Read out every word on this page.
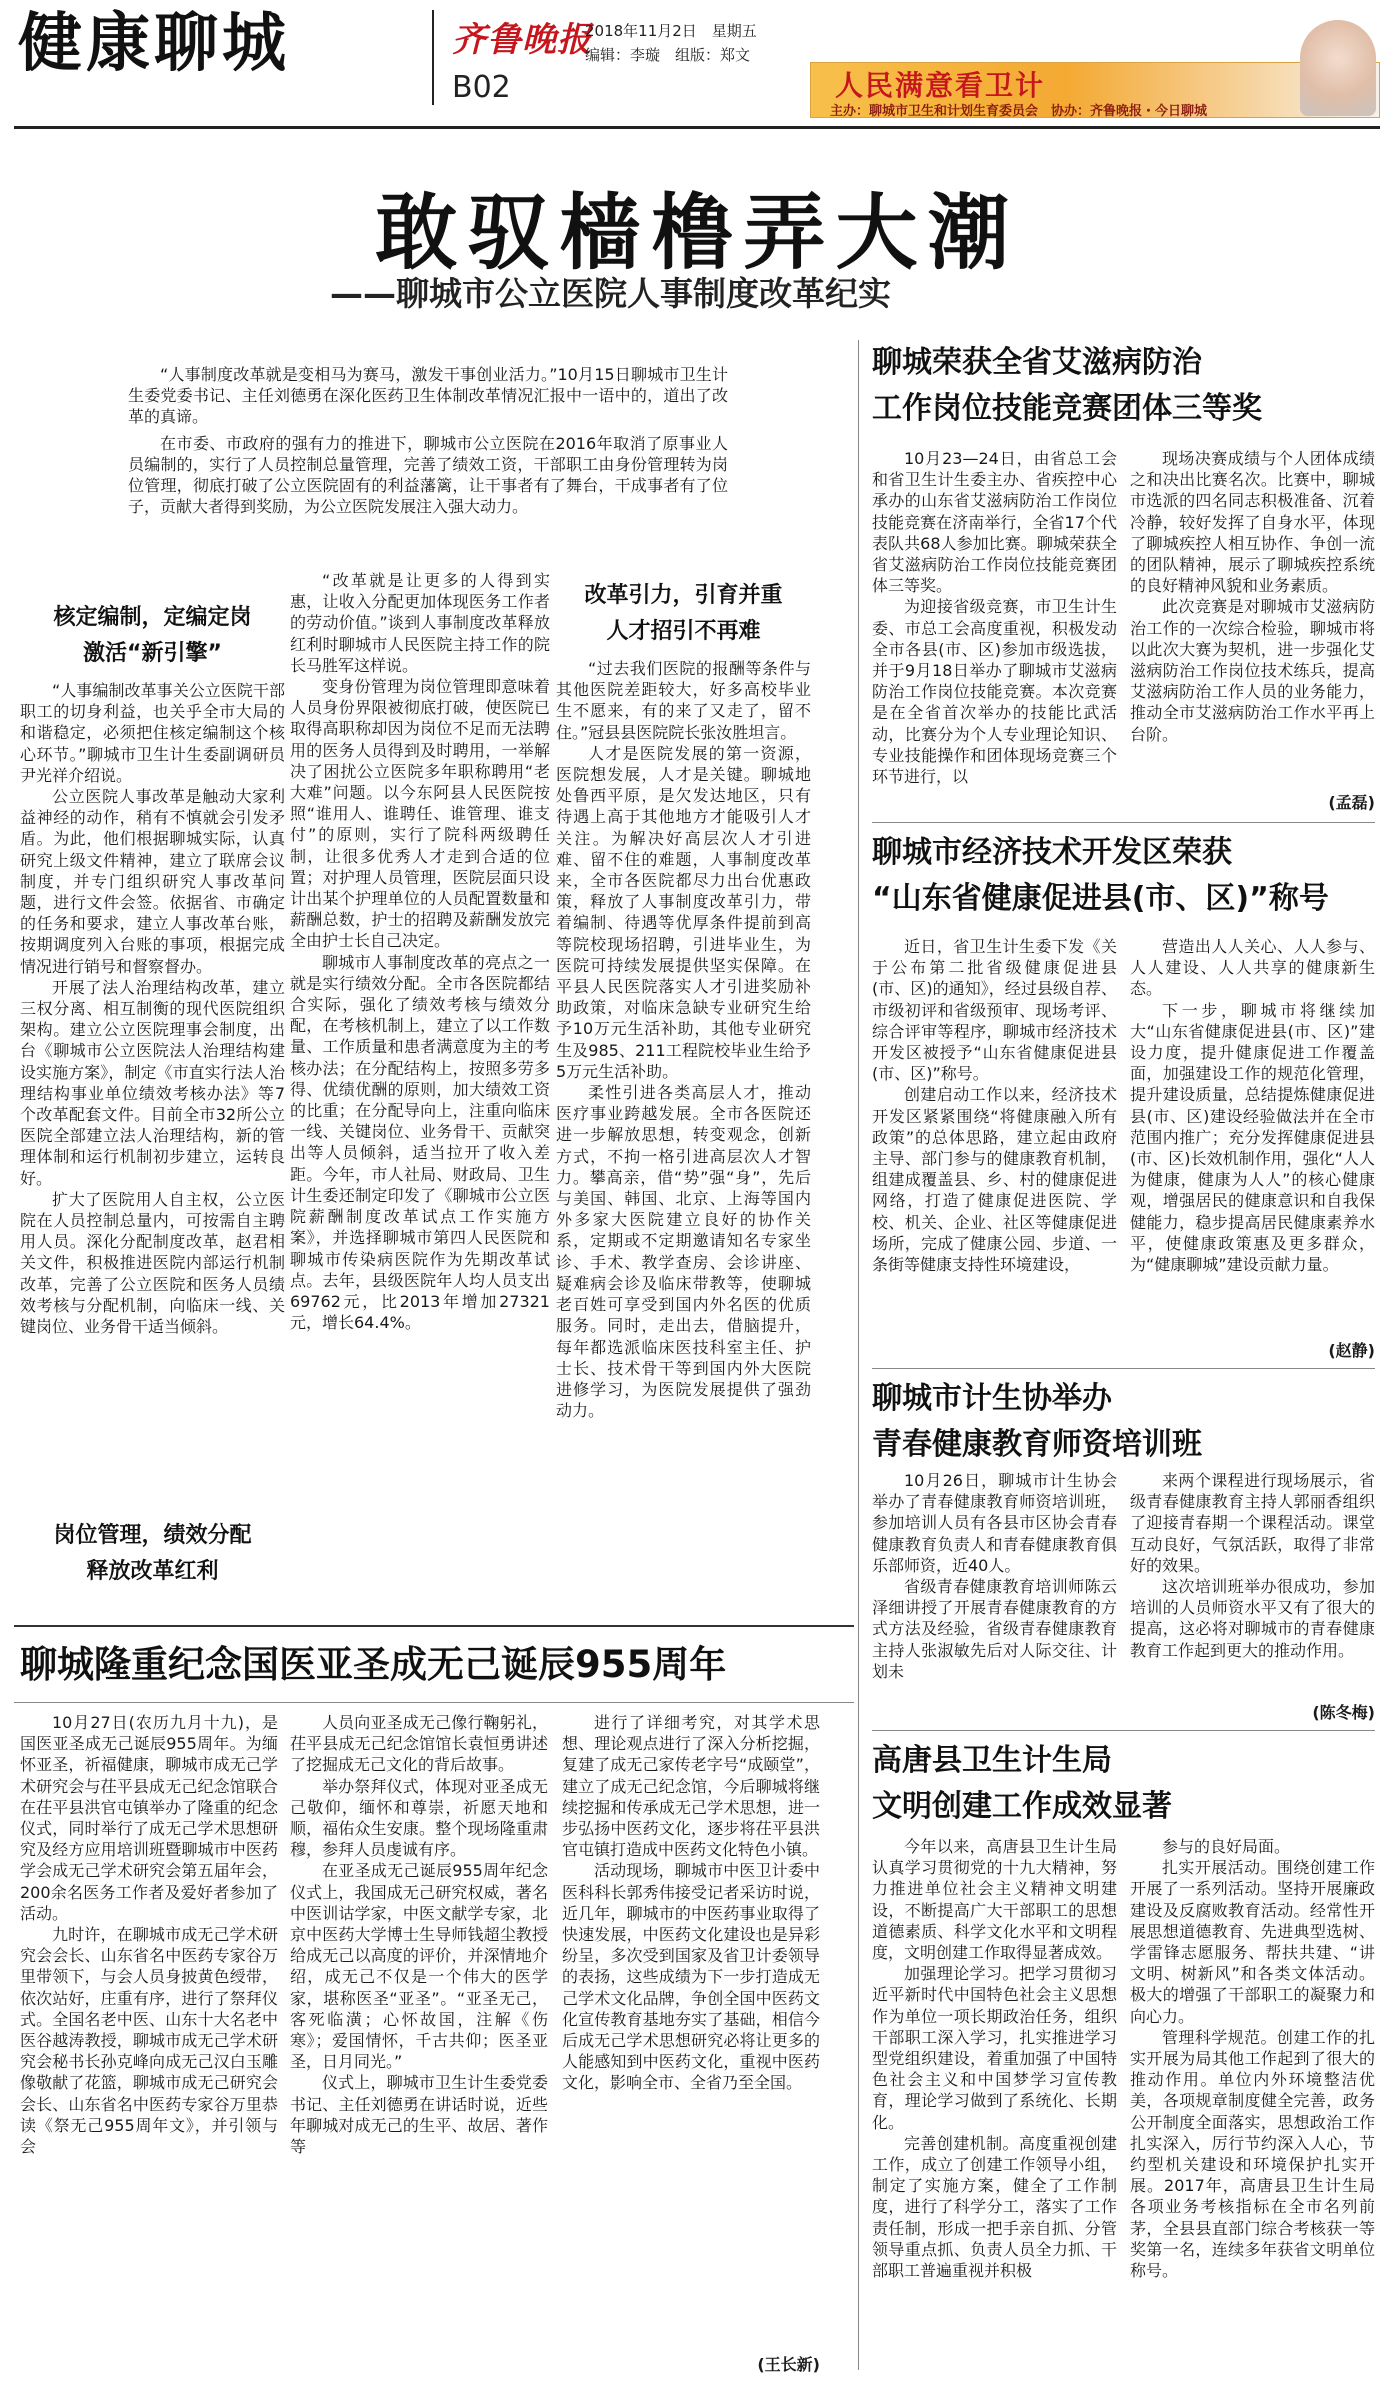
健康聊城	齐鲁晚报
B02
2018年11月2日　星期五
编辑：李璇　组版：郑文
人民满意看卫计
主办：聊城市卫生和计划生育委员会　协办：齐鲁晚报・今日聊城
敢驭樯橹弄大潮
——聊城市公立医院人事制度改革纪实

“人事制度改革就是变相马为赛马，激发干事创业活力。”10月15日聊城市卫生计生委党委书记、主任刘德勇在深化医药卫生体制改革情况汇报中一语中的，道出了改革的真谛。

在市委、市政府的强有力的推进下，聊城市公立医院在2016年取消了原事业人员编制的，实行了人员控制总量管理，完善了绩效工资，干部职工由身份管理转为岗位管理，彻底打破了公立医院固有的利益藩篱，让干事者有了舞台，干成事者有了位子，贡献大者得到奖励，为公立医院发展注入强大动力。

核定编制，定编定岗
激活“新引擎”

“人事编制改革事关公立医院干部职工的切身利益，也关乎全市大局的和谐稳定，必须把住核定编制这个核心环节。”聊城市卫生计生委副调研员尹光祥介绍说。

公立医院人事改革是触动大家利益神经的动作，稍有不慎就会引发矛盾。为此，他们根据聊城实际，认真研究上级文件精神，建立了联席会议制度，并专门组织研究人事改革问题，进行文件会签。依据省、市确定的任务和要求，建立人事改革台账，按期调度列入台账的事项，根据完成情况进行销号和督察督办。

开展了法人治理结构改革，建立三权分离、相互制衡的现代医院组织架构。建立公立医院理事会制度，出台《聊城市公立医院法人治理结构建设实施方案》，制定《市直实行法人治理结构事业单位绩效考核办法》等7个改革配套文件。目前全市32所公立医院全部建立法人治理结构，新的管理体制和运行机制初步建立，运转良好。

扩大了医院用人自主权，公立医院在人员控制总量内，可按需自主聘用人员。深化分配制度改革，赵君相关文件，积极推进医院内部运行机制改革，完善了公立医院和医务人员绩效考核与分配机制，向临床一线、关键岗位、业务骨干适当倾斜。

岗位管理，绩效分配
释放改革红利

“改革就是让更多的人得到实惠，让收入分配更加体现医务工作者的劳动价值。”谈到人事制度改革释放红利时聊城市人民医院主持工作的院长马胜军这样说。

变身份管理为岗位管理即意味着人员身份界限被彻底打破，使医院已取得高职称却因为岗位不足而无法聘用的医务人员得到及时聘用，一举解决了困扰公立医院多年职称聘用“老大难”问题。以今东阿县人民医院按照“谁用人、谁聘任、谁管理、谁支付”的原则，实行了院科两级聘任制，让很多优秀人才走到合适的位置；对护理人员管理，医院层面只设计出某个护理单位的人员配置数量和薪酬总数，护士的招聘及薪酬发放完全由护士长自己决定。

聊城市人事制度改革的亮点之一就是实行绩效分配。全市各医院都结合实际，强化了绩效考核与绩效分配，在考核机制上，建立了以工作数量、工作质量和患者满意度为主的考核办法；在分配结构上，按照多劳多得、优绩优酬的原则，加大绩效工资的比重；在分配导向上，注重向临床一线、关键岗位、业务骨干、贡献突出等人员倾斜，适当拉开了收入差距。今年，市人社局、财政局、卫生计生委还制定印发了《聊城市公立医院薪酬制度改革试点工作实施方案》，并选择聊城市第四人民医院和聊城市传染病医院作为先期改革试点。去年，县级医院年人均人员支出69762元，比2013年增加27321元，增长64.4%。

改革引力，引育并重
人才招引不再难

“过去我们医院的报酬等条件与其他医院差距较大，好多高校毕业生不愿来，有的来了又走了，留不住。”冠县县医院院长张汝胜坦言。

人才是医院发展的第一资源，医院想发展，人才是关键。聊城地处鲁西平原，是欠发达地区，只有待遇上高于其他地方才能吸引人才关注。为解决好高层次人才引进难、留不住的难题，人事制度改革来，全市各医院都尽力出台优惠政策，释放了人事制度改革引力，带着编制、待遇等优厚条件提前到高等院校现场招聘，引进毕业生，为医院可持续发展提供坚实保障。在平县人民医院落实人才引进奖励补助政策，对临床急缺专业研究生给予10万元生活补助，其他专业研究生及985、211工程院校毕业生给予5万元生活补助。

柔性引进各类高层人才，推动医疗事业跨越发展。全市各医院还进一步解放思想，转变观念，创新方式，不拘一格引进高层次人才智力。攀高亲，借“势”强“身”，先后与美国、韩国、北京、上海等国内外多家大医院建立良好的协作关系，定期或不定期邀请知名专家坐诊、手术、教学查房、会诊讲座、疑难病会诊及临床带教等，使聊城老百姓可享受到国内外名医的优质服务。同时，走出去，借脑提升，每年都选派临床医技科室主任、护士长、技术骨干等到国内外大医院进修学习，为医院发展提供了强劲动力。

聊城荣获全省艾滋病防治
工作岗位技能竞赛团体三等奖

10月23—24日，由省总工会和省卫生计生委主办、省疾控中心承办的山东省艾滋病防治工作岗位技能竞赛在济南举行，全省17个代表队共68人参加比赛。聊城荣获全省艾滋病防治工作岗位技能竞赛团体三等奖。

为迎接省级竞赛，市卫生计生委、市总工会高度重视，积极发动全市各县(市、区)参加市级选拔，并于9月18日举办了聊城市艾滋病防治工作岗位技能竞赛。本次竞赛是在全省首次举办的技能比武活动，比赛分为个人专业理论知识、专业技能操作和团体现场竞赛三个环节进行，以

现场决赛成绩与个人团体成绩之和决出比赛名次。比赛中，聊城市选派的四名同志积极准备、沉着冷静，较好发挥了自身水平，体现了聊城疾控人相互协作、争创一流的团队精神，展示了聊城疾控系统的良好精神风貌和业务素质。

此次竞赛是对聊城市艾滋病防治工作的一次综合检验，聊城市将以此次大赛为契机，进一步强化艾滋病防治工作岗位技术练兵，提高艾滋病防治工作人员的业务能力，推动全市艾滋病防治工作水平再上台阶。

(孟磊)
聊城市经济技术开发区荣获
“山东省健康促进县(市、区)”称号

近日，省卫生计生委下发《关于公布第二批省级健康促进县(市、区)的通知》，经过县级自荐、市级初评和省级预审、现场考评、综合评审等程序，聊城市经济技术开发区被授予“山东省健康促进县(市、区)”称号。

创建启动工作以来，经济技术开发区紧紧围绕“将健康融入所有政策”的总体思路，建立起由政府主导、部门参与的健康教育机制，组建成覆盖县、乡、村的健康促进网络，打造了健康促进医院、学校、机关、企业、社区等健康促进场所，完成了健康公园、步道、一条街等健康支持性环境建设，

营造出人人关心、人人参与、人人建设、人人共享的健康新生态。

下一步，聊城市将继续加大“山东省健康促进县(市、区)”建设力度，提升健康促进工作覆盖面，加强建设工作的规范化管理，提升建设质量，总结提炼健康促进县(市、区)建设经验做法并在全市范围内推广；充分发挥健康促进县(市、区)长效机制作用，强化“人人为健康，健康为人人”的核心健康观，增强居民的健康意识和自我保健能力，稳步提高居民健康素养水平，使健康政策惠及更多群众，为“健康聊城”建设贡献力量。

(赵静)
聊城市计生协举办
青春健康教育师资培训班

10月26日，聊城市计生协会举办了青春健康教育师资培训班，参加培训人员有各县市区协会青春健康教育负责人和青春健康教育俱乐部师资，近40人。

省级青春健康教育培训师陈云泽细讲授了开展青春健康教育的方式方法及经验，省级青春健康教育主持人张淑敏先后对人际交往、计划未

来两个课程进行现场展示，省级青春健康教育主持人郭丽香组织了迎接青春期一个课程活动。课堂互动良好，气氛活跃，取得了非常好的效果。

这次培训班举办很成功，参加培训的人员师资水平又有了很大的提高，这必将对聊城市的青春健康教育工作起到更大的推动作用。

(陈冬梅)
高唐县卫生计生局
文明创建工作成效显著

今年以来，高唐县卫生计生局认真学习贯彻党的十九大精神，努力推进单位社会主义精神文明建设，不断提高广大干部职工的思想道德素质、科学文化水平和文明程度，文明创建工作取得显著成效。

加强理论学习。把学习贯彻习近平新时代中国特色社会主义思想作为单位一项长期政治任务，组织干部职工深入学习，扎实推进学习型党组织建设，着重加强了中国特色社会主义和中国梦学习宣传教育，理论学习做到了系统化、长期化。

完善创建机制。高度重视创建工作，成立了创建工作领导小组，制定了实施方案，健全了工作制度，进行了科学分工，落实了工作责任制，形成一把手亲自抓、分管领导重点抓、负责人员全力抓、干部职工普遍重视并积极

参与的良好局面。

扎实开展活动。围绕创建工作开展了一系列活动。坚持开展廉政建设及反腐败教育活动。经常性开展思想道德教育、先进典型选树、学雷锋志愿服务、帮扶共建、“讲文明、树新风”和各类文体活动。极大的增强了干部职工的凝聚力和向心力。

管理科学规范。创建工作的扎实开展为局其他工作起到了很大的推动作用。单位内外环境整洁优美，各项规章制度健全完善，政务公开制度全面落实，思想政治工作扎实深入，厉行节约深入人心，节约型机关建设和环境保护扎实开展。2017年，高唐县卫生计生局各项业务考核指标在全市名列前茅，全县县直部门综合考核获一等奖第一名，连续多年获省文明单位称号。

聊城隆重纪念国医亚圣成无己诞辰955周年

10月27日(农历九月十九)，是国医亚圣成无己诞辰955周年。为缅怀亚圣，祈福健康，聊城市成无己学术研究会与茌平县成无己纪念馆联合在茌平县洪官屯镇举办了隆重的纪念仪式，同时举行了成无己学术思想研究及经方应用培训班暨聊城市中医药学会成无己学术研究会第五届年会，200余名医务工作者及爱好者参加了活动。

九时许，在聊城市成无己学术研究会会长、山东省名中医药专家谷万里带领下，与会人员身披黄色绶带，依次站好，庄重有序，进行了祭拜仪式。全国名老中医、山东十大名老中医谷越涛教授，聊城市成无己学术研究会秘书长孙克峰向成无己汉白玉雕像敬献了花篮，聊城市成无己研究会会长、山东省名中医药专家谷万里恭读《祭无己955周年文》，并引领与会

人员向亚圣成无己像行鞠躬礼，茌平县成无己纪念馆馆长袁恒勇讲述了挖掘成无己文化的背后故事。

举办祭拜仪式，体现对亚圣成无己敬仰，缅怀和尊崇，祈愿天地和顺，福佑众生安康。整个现场隆重肃穆，参拜人员虔诚有序。

在亚圣成无己诞辰955周年纪念仪式上，我国成无己研究权威，著名中医训诂学家，中医文献学专家，北京中医药大学博士生导师钱超尘教授给成无己以高度的评价，并深情地介绍，成无己不仅是一个伟大的医学家，堪称医圣“亚圣”。“亚圣无己，客死临潢；心怀故国，注解《伤寒》；爱国情怀，千古共仰；医圣亚圣，日月同光。”

仪式上，聊城市卫生计生委党委书记、主任刘德勇在讲话时说，近些年聊城对成无己的生平、故居、著作等

进行了详细考究，对其学术思想、理论观点进行了深入分析挖掘，复建了成无己家传老字号“成颐堂”，建立了成无己纪念馆，今后聊城将继续挖掘和传承成无己学术思想，进一步弘扬中医药文化，逐步将茌平县洪官屯镇打造成中医药文化特色小镇。

活动现场，聊城市中医卫计委中医科科长郭秀伟接受记者采访时说，近几年，聊城市的中医药事业取得了快速发展，中医药文化建设也是异彩纷呈，多次受到国家及省卫计委领导的表扬，这些成绩为下一步打造成无己学术文化品牌，争创全国中医药文化宣传教育基地夯实了基础，相信今后成无己学术思想研究必将让更多的人能感知到中医药文化，重视中医药文化，影响全市、全省乃至全国。

(王长新)
